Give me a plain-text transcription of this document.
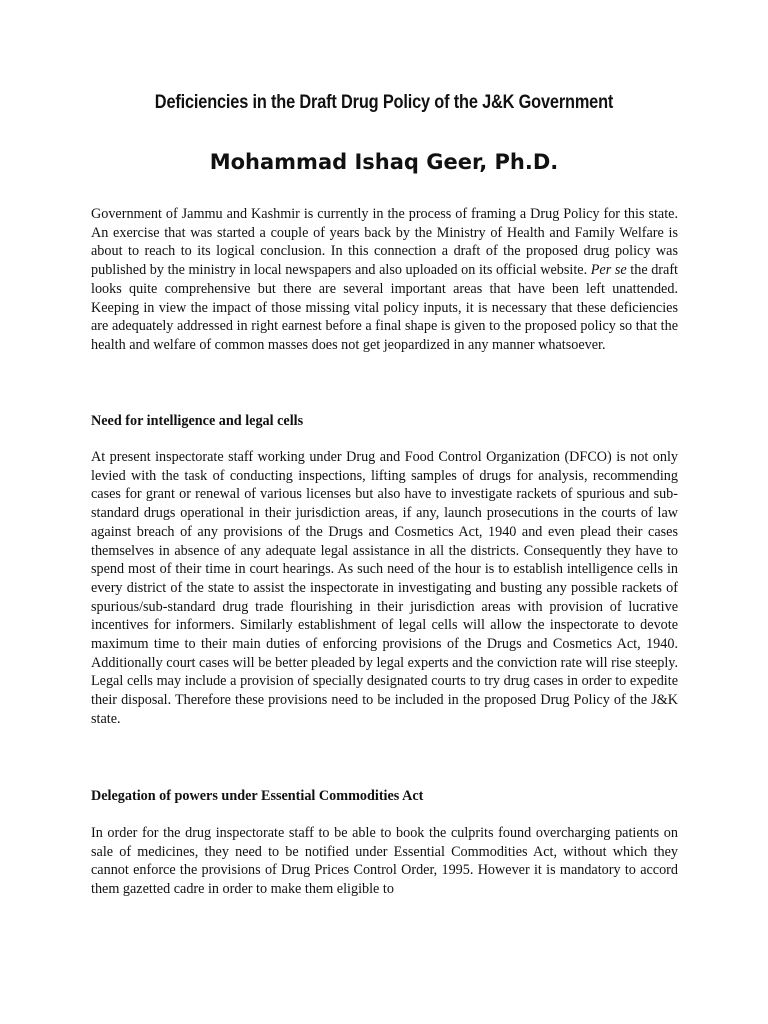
Deficiencies in the Draft Drug Policy of the J&K Government
Mohammad Ishaq Geer, Ph.D.

Government of Jammu and Kashmir is currently in the process of framing a Drug Policy for this state. An exercise that was started a couple of years back by the Ministry of Health and Family Welfare is about to reach to its logical conclusion. In this connection a draft of the proposed drug policy was published by the ministry in local newspapers and also uploaded on its official website. Per se the draft looks quite comprehensive but there are several important areas that have been left unattended. Keeping in view the impact of those missing vital policy inputs, it is necessary that these deficiencies are adequately addressed in right earnest before a final shape is given to the proposed policy so that the health and welfare of common masses does not get jeopardized in any manner whatsoever.

Need for intelligence and legal cells

At present inspectorate staff working under Drug and Food Control Organization (DFCO) is not only levied with the task of conducting inspections, lifting samples of drugs for analysis, recommending cases for grant or renewal of various licenses but also have to investigate rackets of spurious and sub-standard drugs operational in their jurisdiction areas, if any, launch prosecutions in the courts of law against breach of any provisions of the Drugs and Cosmetics Act, 1940 and even plead their cases themselves in absence of any adequate legal assistance in all the districts. Consequently they have to spend most of their time in court hearings. As such need of the hour is to establish intelligence cells in every district of the state to assist the inspectorate in investigating and busting any possible rackets of spurious/sub-standard drug trade flourishing in their jurisdiction areas with provision of lucrative incentives for informers. Similarly establishment of legal cells will allow the inspectorate to devote maximum time to their main duties of enforcing provisions of the Drugs and Cosmetics Act, 1940. Additionally court cases will be better pleaded by legal experts and the conviction rate will rise steeply. Legal cells may include a provision of specially designated courts to try drug cases in order to expedite their disposal. Therefore these provisions need to be included in the proposed Drug Policy of the J&K state.

Delegation of powers under Essential Commodities Act

In order for the drug inspectorate staff to be able to book the culprits found overcharging patients on sale of medicines, they need to be notified under Essential Commodities Act, without which they cannot enforce the provisions of Drug Prices Control Order, 1995. However it is mandatory to accord them gazetted cadre in order to make them eligible to
